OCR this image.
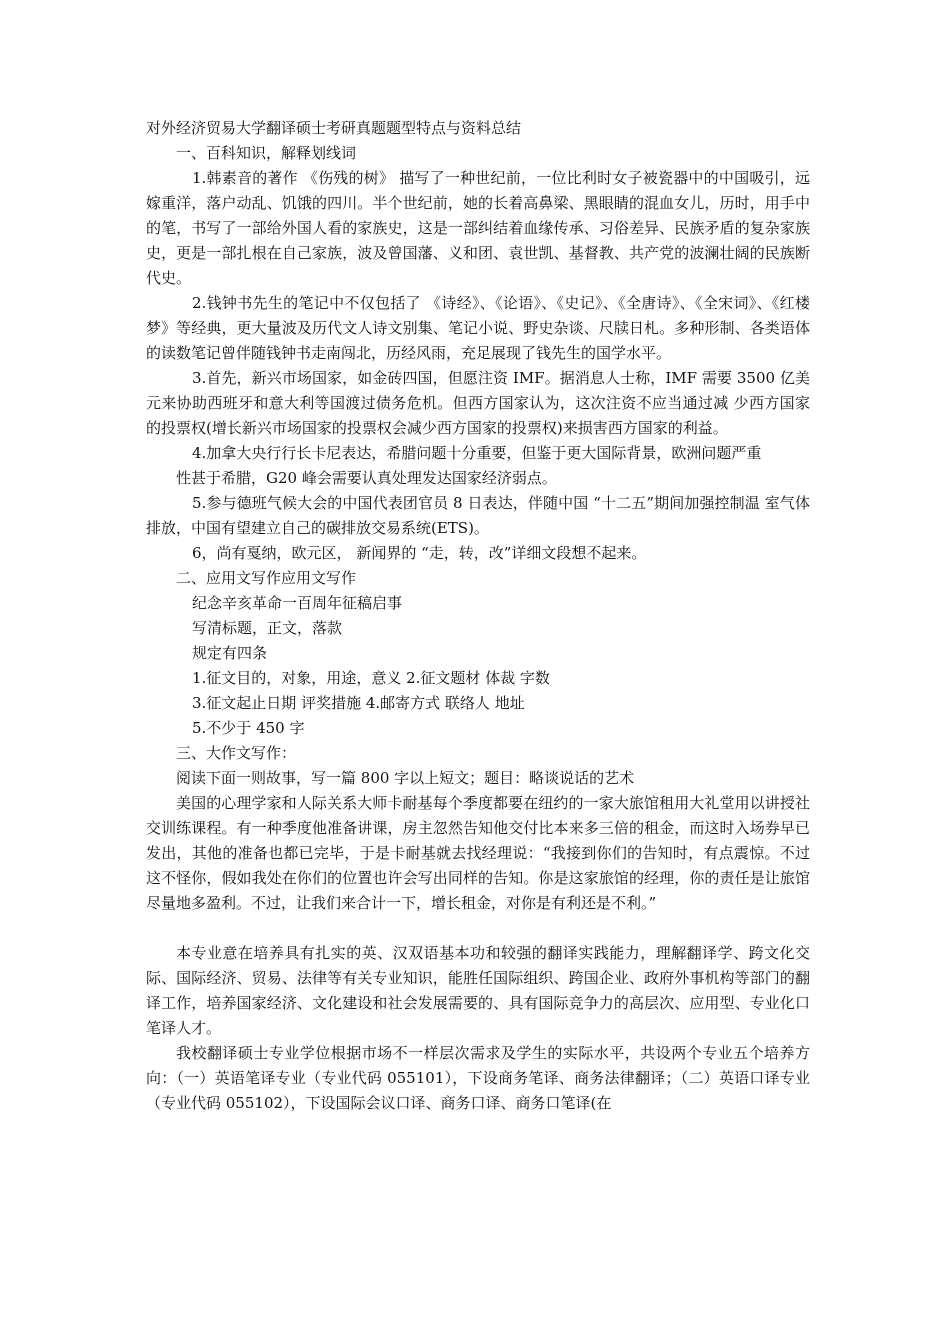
对外经济贸易大学翻译硕士考研真题题型特点与资料总结

一、百科知识，解释划线词

1.韩素音的著作 《伤残的树》 描写了一种世纪前，一位比利时女子被瓷器中的中国吸引，远嫁重洋，落户动乱、饥饿的四川。半个世纪前，她的长着高鼻梁、黑眼睛的混血女儿，历时，用手中的笔，书写了一部给外国人看的家族史，这是一部纠结着血缘传承、习俗差异、民族矛盾的复杂家族史，更是一部扎根在自己家族，波及曾国藩、义和团、袁世凯、基督教、共产党的波澜壮阔的民族断代史。

2.钱钟书先生的笔记中不仅包括了 《诗经》、《论语》、《史记》、《全唐诗》、《全宋词》、《红楼梦》等经典，更大量波及历代文人诗文别集、笔记小说、野史杂谈、尺牍日札。多种形制、各类语体的读数笔记曾伴随钱钟书走南闯北，历经风雨，充足展现了钱先生的国学水平。

3.首先，新兴市场国家，如金砖四国，但愿注资 IMF。据消息人士称，IMF 需要 3500 亿美元来协助西班牙和意大利等国渡过债务危机。但西方国家认为，这次注资不应当通过减 少西方国家的投票权(增长新兴市场国家的投票权会减少西方国家的投票权)来损害西方国家的利益。

4.加拿大央行行长卡尼表达，希腊问题十分重要，但鉴于更大国际背景，欧洲问题严重

性甚于希腊，G20 峰会需要认真处理发达国家经济弱点。

5.参与德班气候大会的中国代表团官员 8 日表达，伴随中国 “十二五”期间加强控制温 室气体排放，中国有望建立自己的碳排放交易系统(ETS)。

6，尚有戛纳，欧元区， 新闻界的 “走，转，改”详细文段想不起来。

二、应用文写作应用文写作

纪念辛亥革命一百周年征稿启事

写清标题，正文，落款

规定有四条

1.征文目的，对象，用途，意义 2.征文题材 体裁 字数

3.征文起止日期 评奖措施 4.邮寄方式 联络人 地址

5.不少于 450 字

三、大作文写作：

阅读下面一则故事，写一篇 800 字以上短文；题目：略谈说话的艺术

美国的心理学家和人际关系大师卡耐基每个季度都要在纽约的一家大旅馆租用大礼堂用以讲授社交训练课程。有一种季度他准备讲课，房主忽然告知他交付比本来多三倍的租金，而这时入场券早已发出，其他的准备也都已完毕，于是卡耐基就去找经理说：“我接到你们的告知时，有点震惊。不过这不怪你，假如我处在你们的位置也许会写出同样的告知。你是这家旅馆的经理，你的责任是让旅馆尽量地多盈利。不过，让我们来合计一下，增长租金，对你是有利还是不利。”

本专业意在培养具有扎实的英、汉双语基本功和较强的翻译实践能力，理解翻译学、跨文化交际、国际经济、贸易、法律等有关专业知识，能胜任国际组织、跨国企业、政府外事机构等部门的翻译工作，培养国家经济、文化建设和社会发展需要的、具有国际竞争力的高层次、应用型、专业化口笔译人才。

我校翻译硕士专业学位根据市场不一样层次需求及学生的实际水平，共设两个专业五个培养方向：（一）英语笔译专业（专业代码 055101），下设商务笔译、商务法律翻译；（二）英语口译专业（专业代码 055102），下设国际会议口译、商务口译、商务口笔译(在
